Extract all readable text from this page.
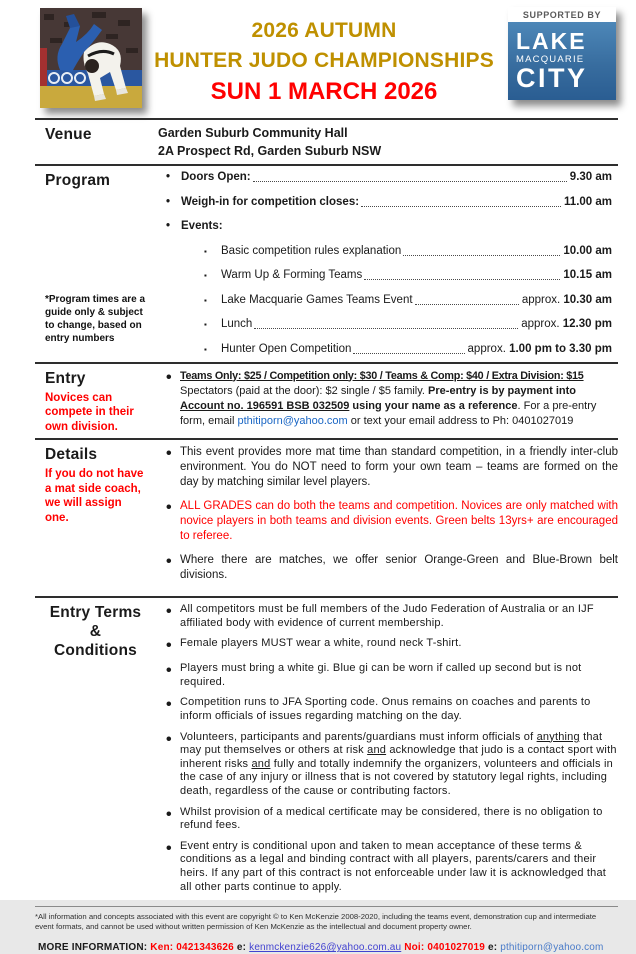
2026 AUTUMN
HUNTER JUDO CHAMPIONSHIPS
SUN 1 MARCH 2026
SUPPORTED BY
LAKE
MACQUARIE
CITY
Venue	Garden Suburb Community Hall
2A Prospect Rd, Garden Suburb NSW
Program
*Program times are a guide only & subject to change, based on entry numbers
•
Doors Open:	9.30 am
•
Weigh-in for competition closes:	11.00 am
•
Events:
▪
Basic competition rules explanation	10.00 am
▪
Warm Up & Forming Teams	10.15 am
▪
Lake Macquarie Games Teams Event	approx. 10.30 am
▪
Lunch	approx. 12.30 pm
▪
Hunter Open Competition	approx. 1.00 pm to 3.30 pm
Entry
Novices can compete in their own division.
•
Teams Only: $25 / Competition only: $30 / Teams & Comp: $40 / Extra Division: $15
Spectators (paid at the door): $2 single / $5 family. Pre-entry is by payment into Account no. 196591 BSB 032509 using your name as a reference. For a pre-entry form, email pthitiporn@yahoo.com or text your email address to Ph: 0401027019
Details
If you do not have a mat side coach, we will assign one.
•
This event provides more mat time than standard competition, in a friendly inter-club environment. You do NOT need to form your own team – teams are formed on the day by matching similar level players.
•
ALL GRADES can do both the teams and competition. Novices are only matched with novice players in both teams and division events. Green belts 13yrs+ are encouraged to referee.
•
Where there are matches, we offer senior Orange-Green and Blue-Brown belt divisions.
Entry Terms
&
Conditions
•
All competitors must be full members of the Judo Federation of Australia or an IJF affiliated body with evidence of current membership.
•
Female players MUST wear a white, round neck T-shirt.
•
Players must bring a white gi. Blue gi can be worn if called up second but is not required.
•
Competition runs to JFA Sporting code. Onus remains on coaches and parents to inform officials of issues regarding matching on the day.
•
Volunteers, participants and parents/guardians must inform officials of anything that may put themselves or others at risk and acknowledge that judo is a contact sport with inherent risks and fully and totally indemnify the organizers, volunteers and officials in the case of any injury or illness that is not covered by statutory legal rights, including death, regardless of the cause or contributing factors.
•
Whilst provision of a medical certificate may be considered, there is no obligation to refund fees.
•
Event entry is conditional upon and taken to mean acceptance of these terms & conditions as a legal and binding contract with all players, parents/carers and their heirs. If any part of this contract is not enforceable under law it is acknowledged that all other parts continue to apply.
*All information and concepts associated with this event are copyright © to Ken McKenzie 2008-2020, including the teams event, demonstration cup and intermediate event formats, and cannot be used without written permission of Ken McKenzie as the intellectual and document property owner.
MORE INFORMATION: Ken: 0421343626 e: kenmckenzie626@yahoo.com.au Noi: 0401027019 e: pthitiporn@yahoo.com
